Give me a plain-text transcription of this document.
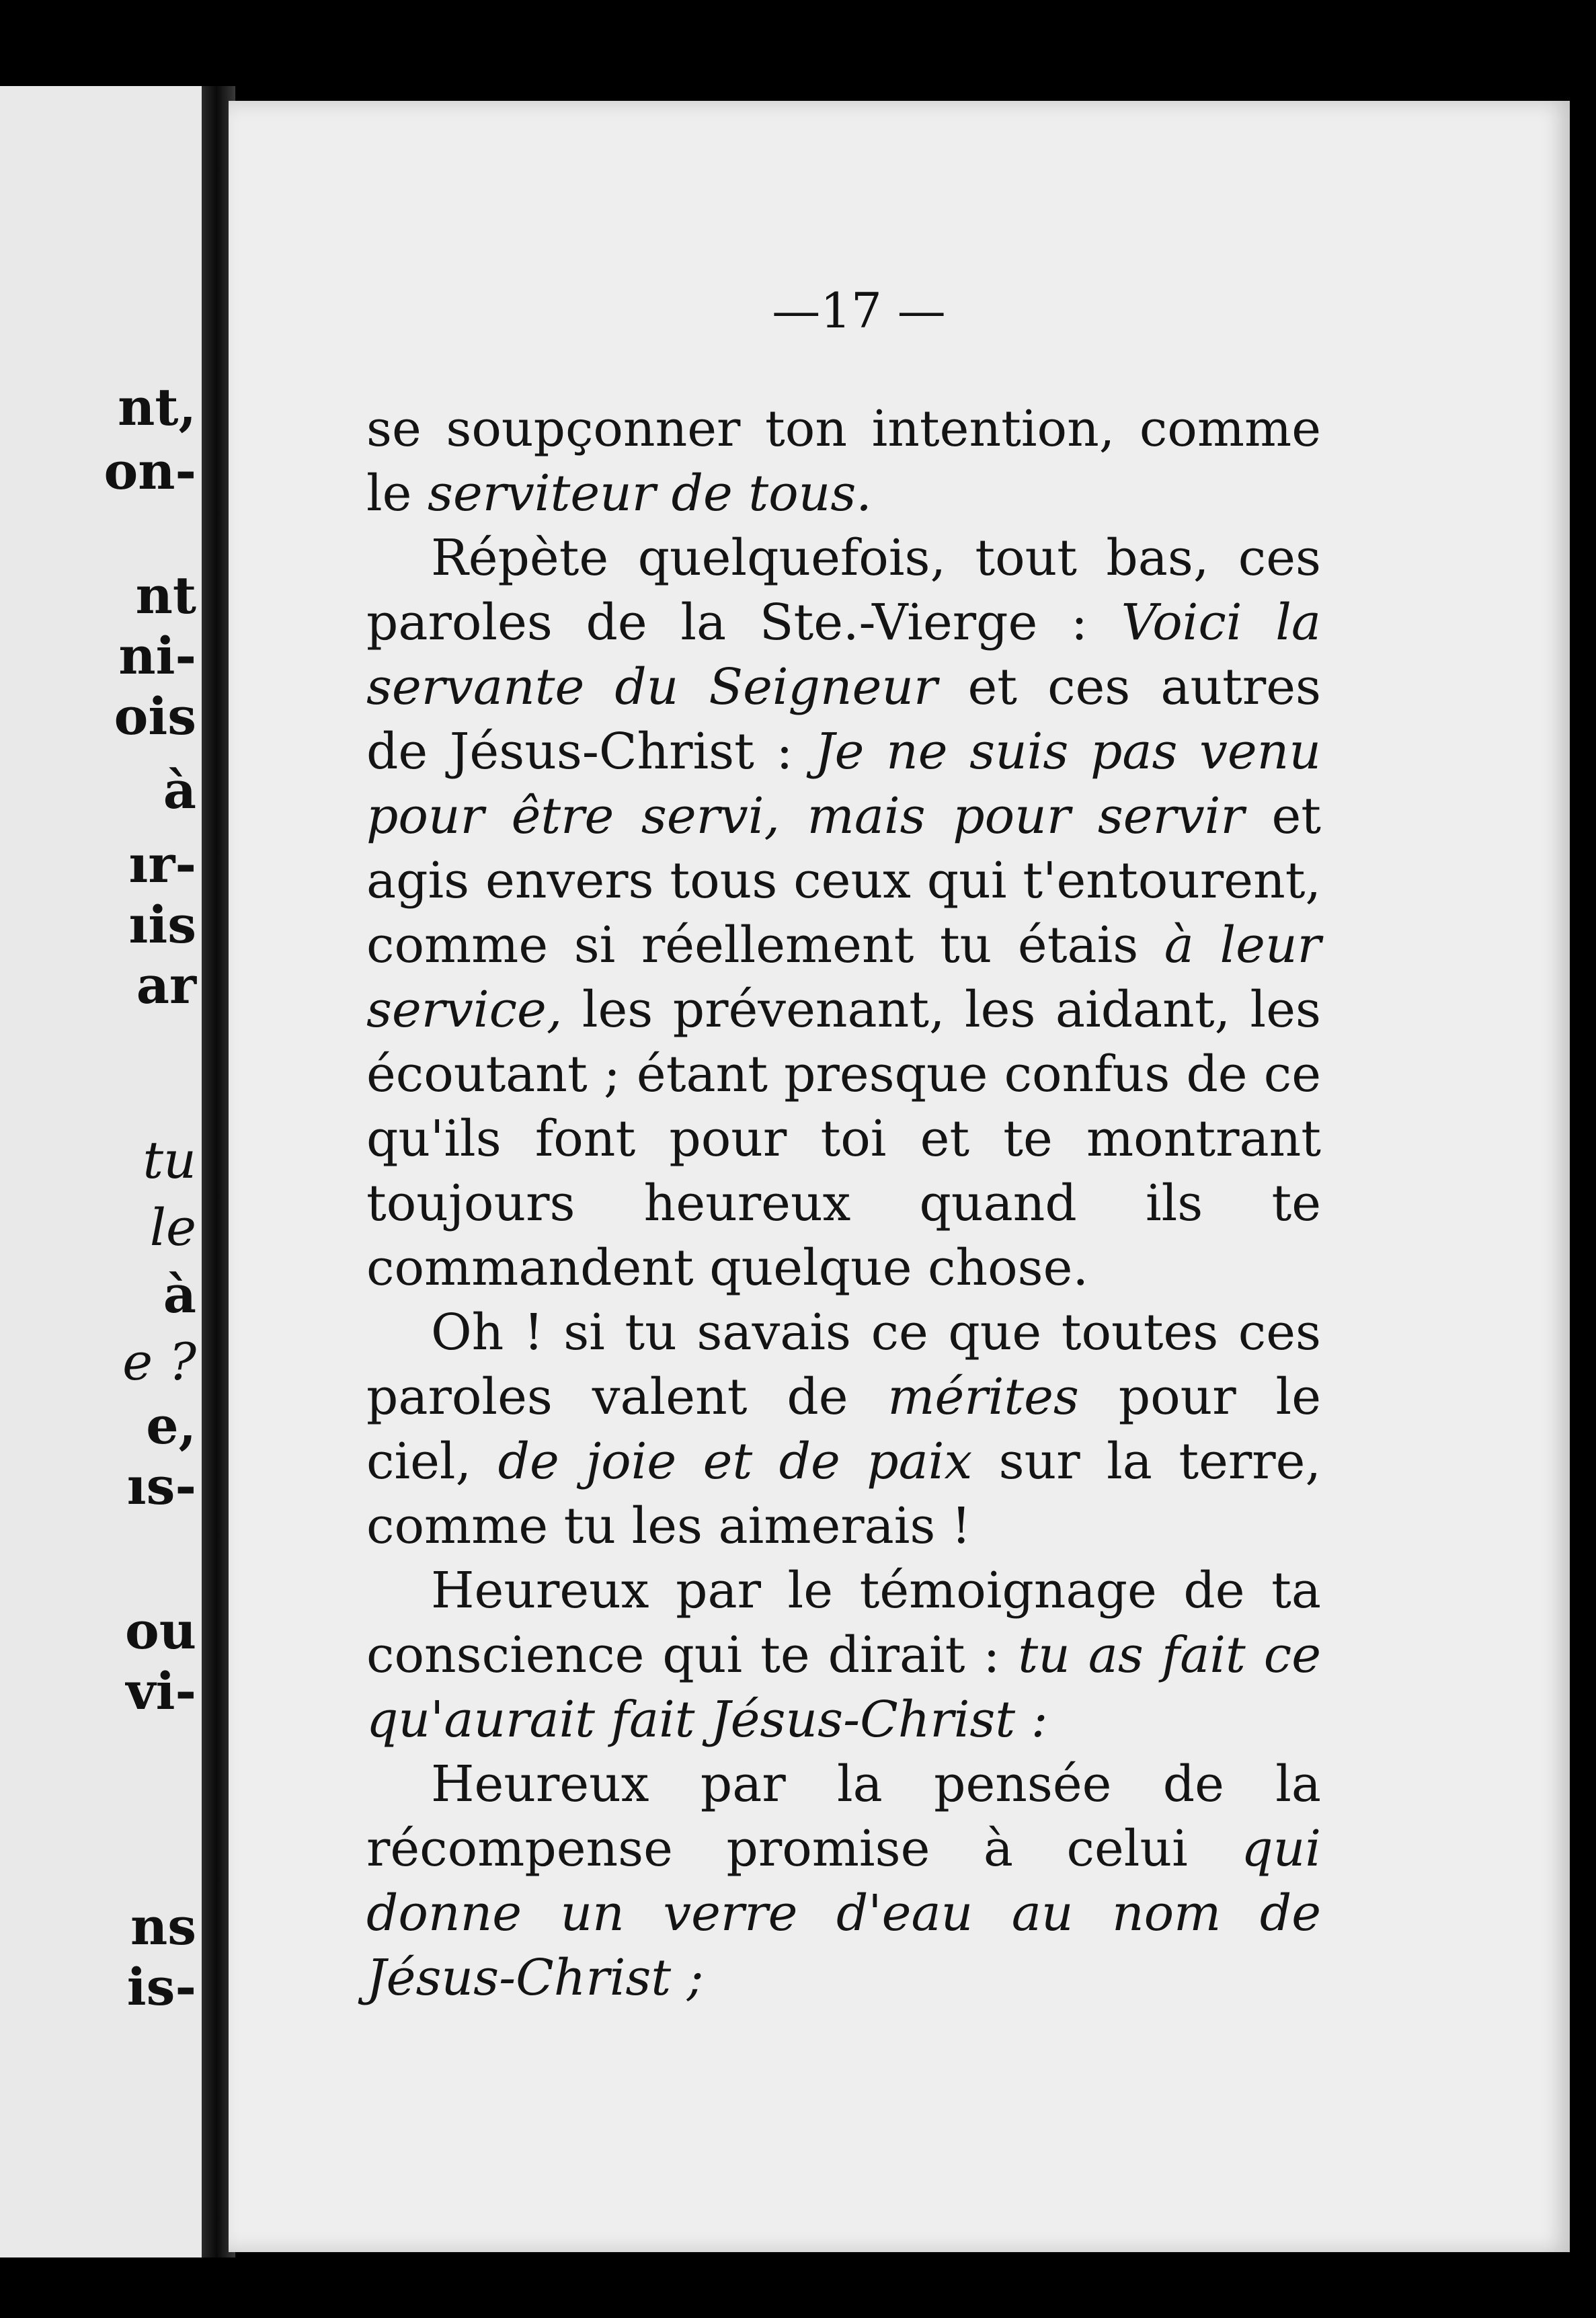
nt,
on-
nt
ni-
ois
à
ır-
ıis
ar
tu
le
à
e ?
e,
ıs-
ou
vi-
ns
is-
—17 —

se soupçonner ton intention, comme le serviteur de tous.

Répète quelquefois, tout bas, ces paroles de la Ste.-Vierge : Voici la servante du Seigneur et ces autres de Jésus-Christ : Je ne suis pas venu pour être servi, mais pour servir et agis envers tous ceux qui t'entourent, comme si réellement tu étais à leur service, les prévenant, les aidant, les écoutant ; étant presque confus de ce qu'ils font pour toi et te montrant toujours heureux quand ils te commandent quelque chose.

Oh ! si tu savais ce que toutes ces paroles valent de mérites pour le ciel, de joie et de paix sur la terre, comme tu les aimerais !

Heureux par le témoignage de ta conscience qui te dirait : tu as fait ce qu'aurait fait Jésus-Christ :

Heureux par la pensée de la récompense promise à celui qui donne un verre d'eau au nom de Jésus-Christ ;
